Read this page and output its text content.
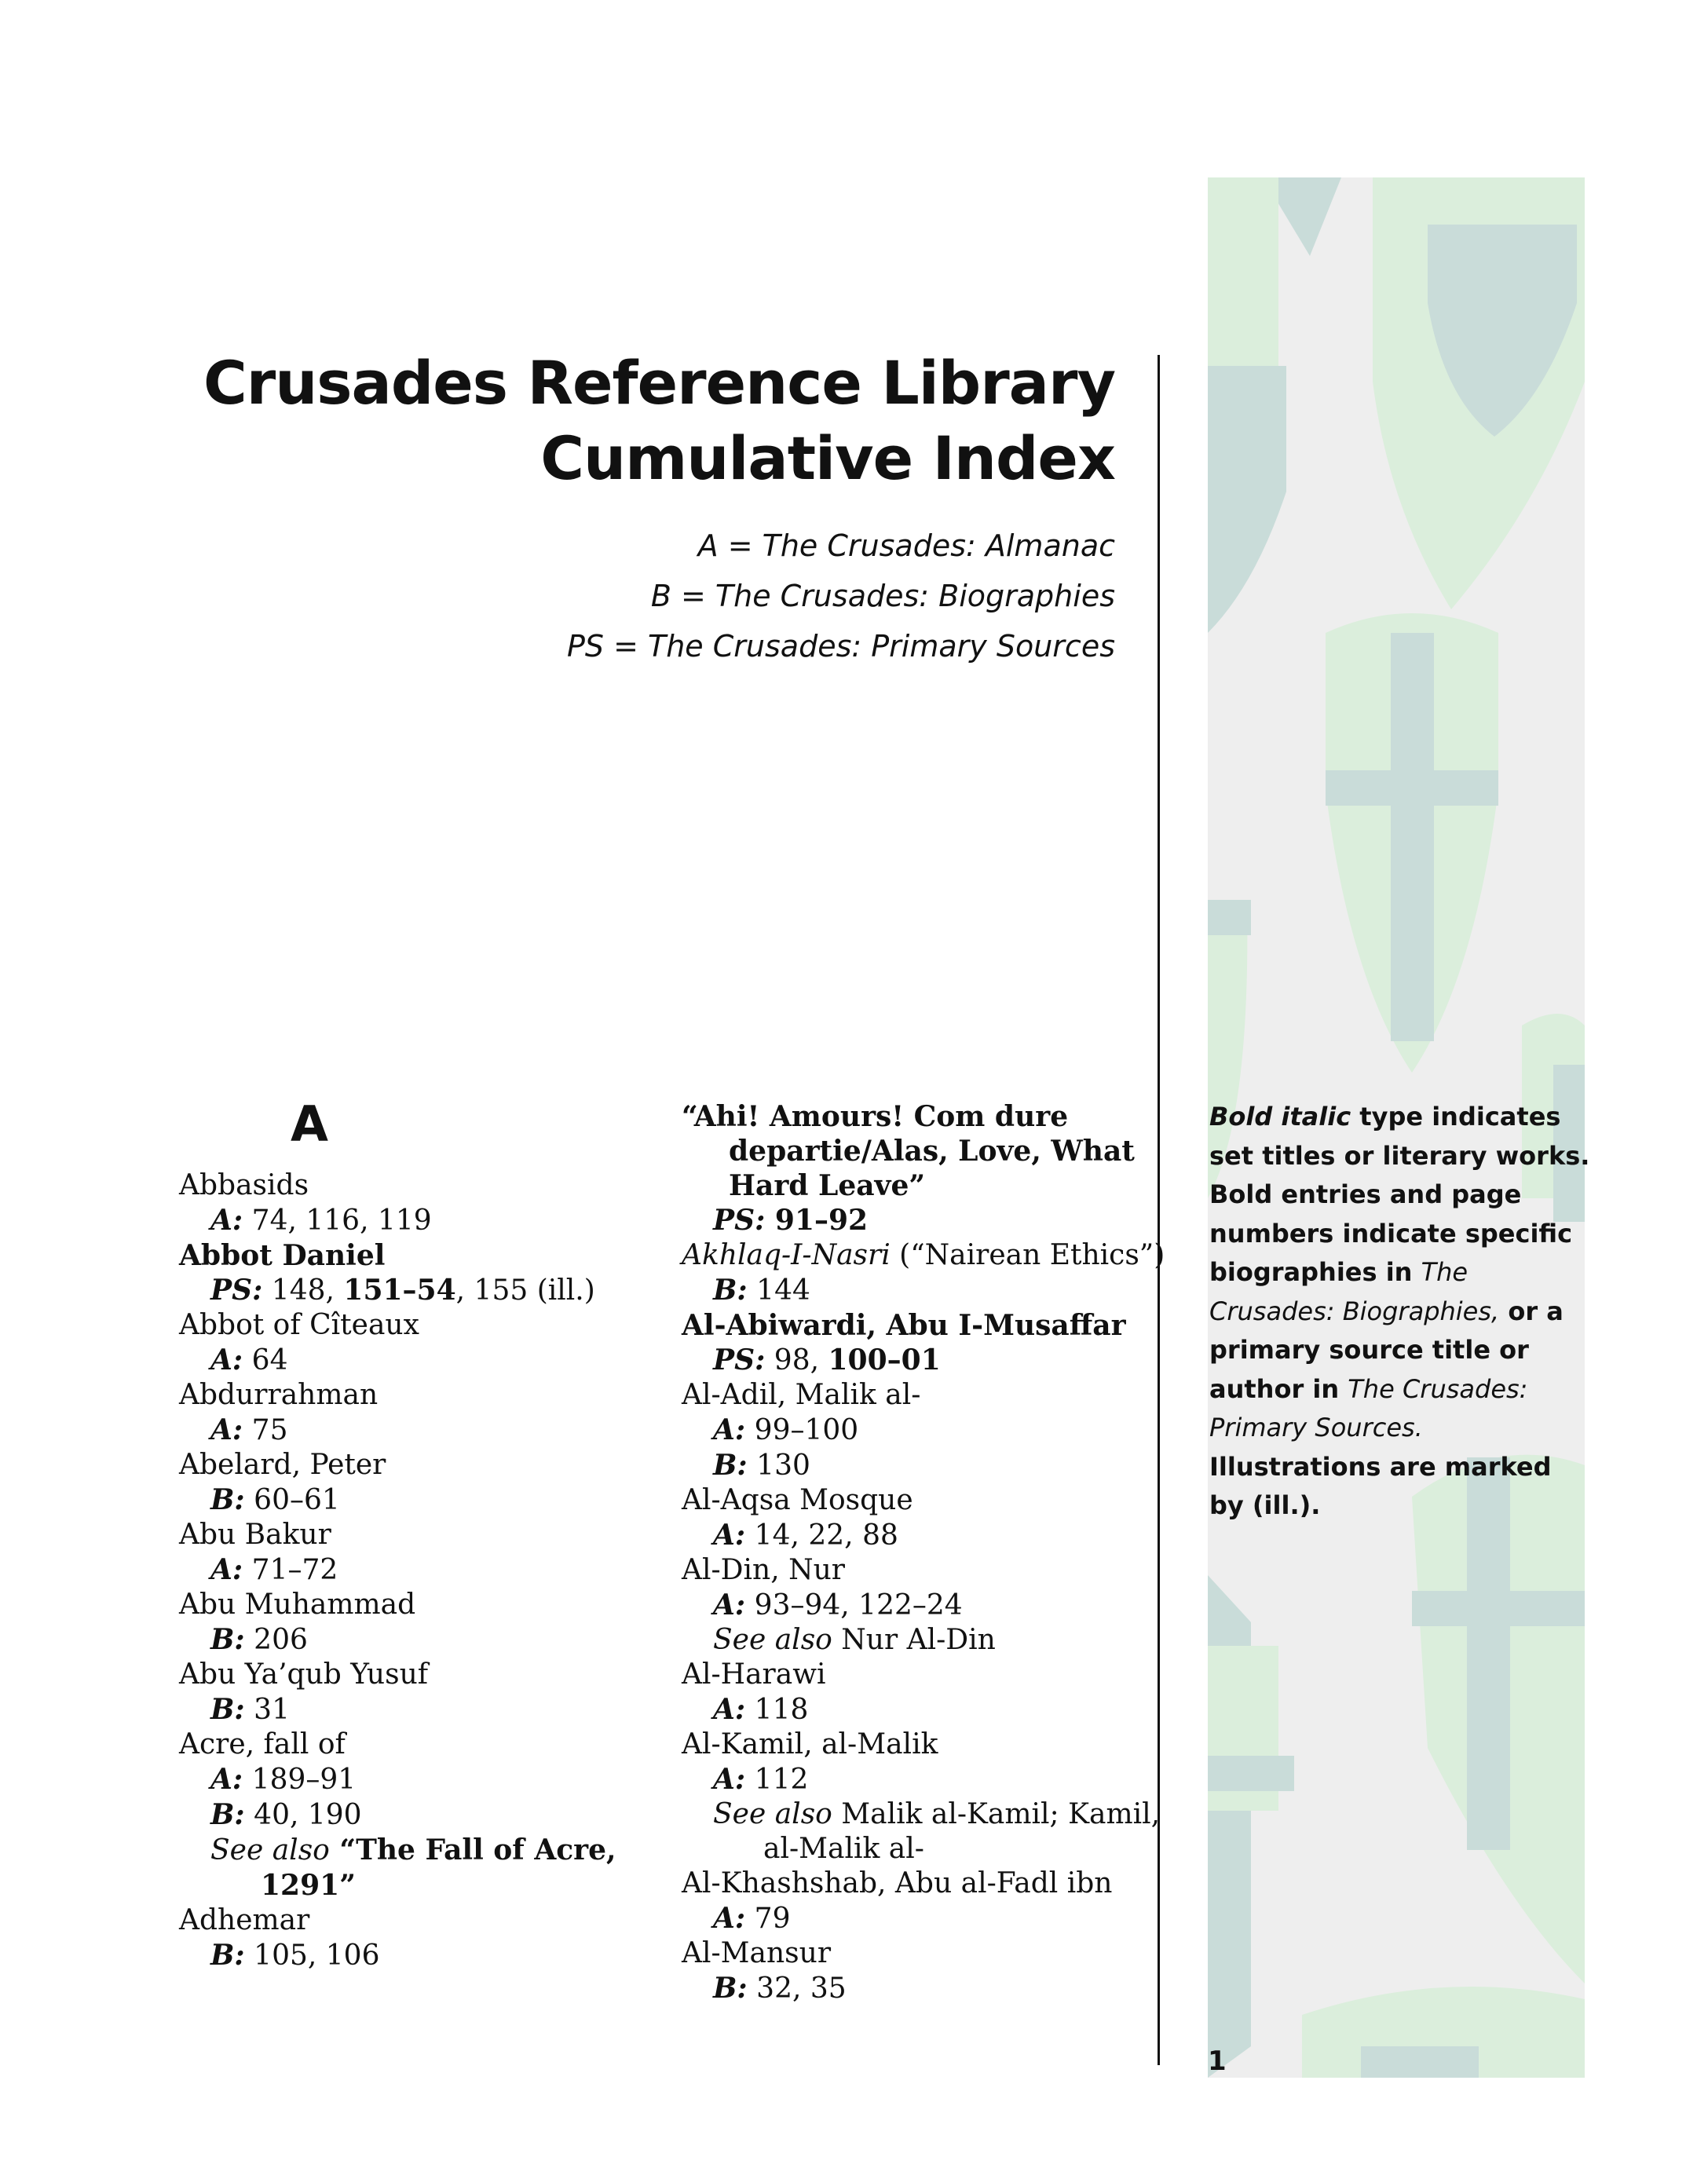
Crusades Reference Library
Cumulative Index
A = The Crusades: Almanac
B = The Crusades: Biographies
PS = The Crusades: Primary Sources
Bold italic type indicates set titles or literary works. Bold entries and page numbers indicate specific biographies in The Crusades: Biographies, or a primary source title or author in The Crusades: Primary Sources. Illustrations are marked by (ill.).
1
A
Abbasids
A: 74, 116, 119
Abbot Daniel
PS: 148, 151–54, 155 (ill.)
Abbot of Cîteaux
A: 64
Abdurrahman
A: 75
Abelard, Peter
B: 60–61
Abu Bakur
A: 71–72
Abu Muhammad
B: 206
Abu Ya’qub Yusuf
B: 31
Acre, fall of
A: 189–91
B: 40, 190
See also “The Fall of Acre, 1291”
Adhemar
B: 105, 106
“Ahi! Amours! Com dure departie/Alas, Love, What Hard Leave”
PS: 91–92
Akhlaq-I-Nasri (“Nairean Ethics”)
B: 144
Al-Abiwardi, Abu I-Musaffar
PS: 98, 100–01
Al-Adil, Malik al-
A: 99–100
B: 130
Al-Aqsa Mosque
A: 14, 22, 88
Al-Din, Nur
A: 93–94, 122–24
See also Nur Al-Din
Al-Harawi
A: 118
Al-Kamil, al-Malik
A: 112
See also Malik al-Kamil; Kamil, al-Malik al-
Al-Khashshab, Abu al-Fadl ibn
A: 79
Al-Mansur
B: 32, 35
